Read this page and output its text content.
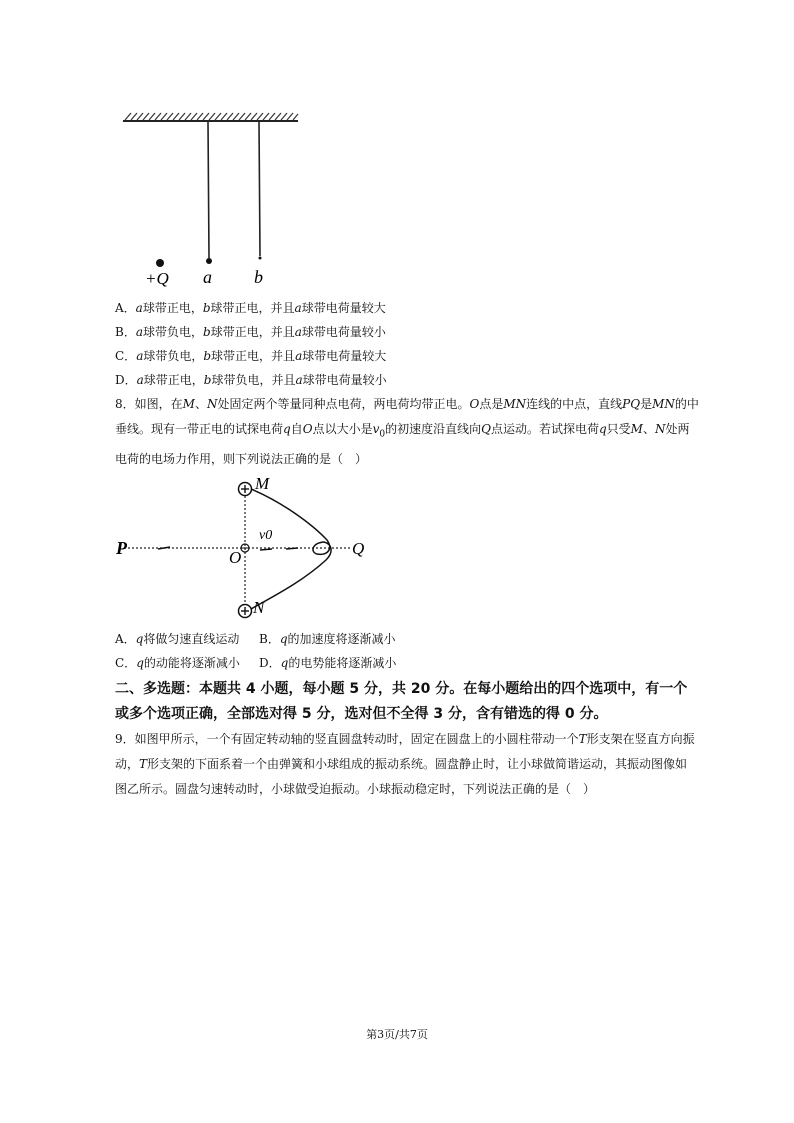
+Q a b
A．a球带正电，b球带正电，并且a球带电荷量较大
B．a球带负电，b球带正电，并且a球带电荷量较小
C．a球带负电，b球带正电，并且a球带电荷量较大
D．a球带正电，b球带负电，并且a球带电荷量较小
8．如图，在M、N处固定两个等量同种点电荷，两电荷均带正电。O点是MN连线的中点，直线PQ是MN的中垂线。现有一带正电的试探电荷q自O点以大小是$v_0$的初速度沿直线向Q点运动。若试探电荷q只受M、N处两电荷的电场力作用，则下列说法正确的是（　）
M
N
P	O	Q
v0
A．q将做匀速直线运动 B．q的加速度将逐渐减小
C．q的动能将逐渐减小 D．q的电势能将逐渐减小
二、多选题：本题共 4 小题，每小题 5 分，共 20 分。在每小题给出的四个选项中，有一个或多个选项正确，全部选对得 5 分，选对但不全得 3 分，含有错选的得 0 分。
9．如图甲所示，一个有固定转动轴的竖直圆盘转动时，固定在圆盘上的小圆柱带动一个T形支架在竖直方向振动，T形支架的下面系着一个由弹簧和小球组成的振动系统。圆盘静止时，让小球做简谐运动，其振动图像如图乙所示。圆盘匀速转动时，小球做受迫振动。小球振动稳定时，下列说法正确的是（　）
第3页/共7页
